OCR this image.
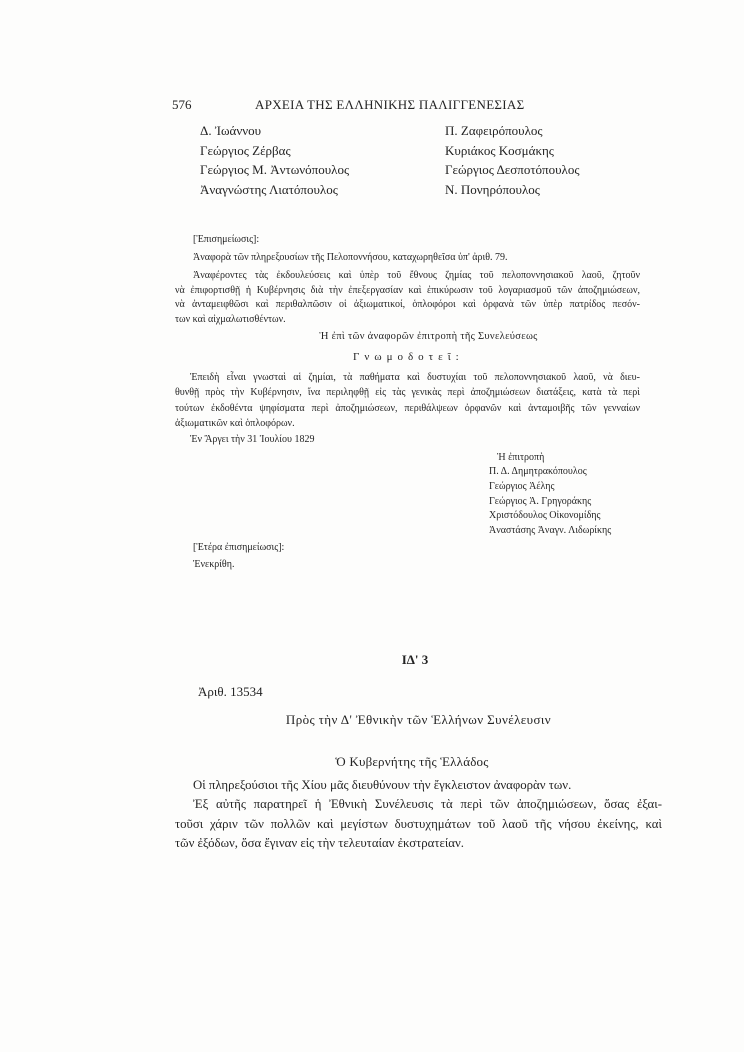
576	ΑΡΧΕΙΑ ΤΗΣ ΕΛΛΗΝΙΚΗΣ ΠΑΛΙΓΓΕΝΕΣΙΑΣ
Δ. Ἰωάννου
Γεώργιος Ζέρβας
Γεώργιος Μ. Ἀντωνόπουλος
Ἀναγνώστης Λιατόπουλος
Π. Ζαφειρόπουλος
Κυριάκος Κοσμάκης
Γεώργιος Δεσποτόπουλος
Ν. Πονηρόπουλος
[Ἐπισημείωσις]:
Ἀναφορὰ τῶν πληρεξουσίων τῆς Πελοποννήσου, καταχωρηθεῖσα ὑπ' ἀριθ. 79.
Ἀναφέροντες τὰς ἐκδουλεύσεις καὶ ὑπὲρ τοῦ ἔθνους ζημίας τοῦ πελοποννησιακοῦ λαοῦ, ζητοῦν
νὰ ἐπιφορτισθῇ ἡ Κυβέρνησις διὰ τὴν ἐπεξεργασίαν καὶ ἐπικύρωσιν τοῦ λογαριασμοῦ τῶν ἀποζημιώσεων,
νὰ ἀνταμειφθῶσι καὶ περιθαλπῶσιν οἱ ἀξιωματικοί, ὁπλοφόροι καὶ ὀρφανὰ τῶν ὑπὲρ πατρίδος πεσόν-
των καὶ αἰχμαλωτισθέντων.
Ἡ ἐπὶ τῶν ἀναφορῶν ἐπιτροπὴ τῆς Συνελεύσεως
Γνωμοδοτεῖ:
Ἐπειδὴ εἶναι γνωσταὶ αἱ ζημίαι, τὰ παθήματα καὶ δυστυχίαι τοῦ πελοποννησιακοῦ λαοῦ, νὰ διευ-
θυνθῇ πρὸς τὴν Κυβέρνησιν, ἵνα περιληφθῇ εἰς τὰς γενικὰς περὶ ἀποζημιώσεων διατάξεις, κατὰ τὰ περὶ
τούτων ἐκδοθέντα ψηφίσματα περὶ ἀποζημιώσεων, περιθάλψεων ὀρφανῶν καὶ ἀνταμοιβῆς τῶν γενναίων
ἀξιωματικῶν καὶ ὁπλοφόρων.
Ἐν Ἄργει τὴν 31 Ἰουλίου 1829
Ἡ ἐπιτροπὴ
Π. Δ. Δημητρακόπουλος
Γεώργιος Ἀέλης
Γεώργιος Ἀ. Γρηγοράκης
Χριστόδουλος Οἰκονομίδης
Ἀναστάσης Ἀναγν. Λιδωρίκης
[Ἑτέρα ἐπισημείωσις]:
Ἐνεκρίθη.
ΙΔ' 3
Ἀριθ. 13534
Πρὸς τὴν Δ' Ἐθνικὴν τῶν Ἑλλήνων Συνέλευσιν
Ὁ Κυβερνήτης τῆς Ἑλλάδος
Οἱ πληρεξούσιοι τῆς Χίου μᾶς διευθύνουν τὴν ἔγκλειστον ἀναφορὰν των.
Ἐξ αὐτῆς παρατηρεῖ ἡ Ἐθνικὴ Συνέλευσις τὰ περὶ τῶν ἀποζημιώσεων, ὅσας ἐξαι-
τοῦσι χάριν τῶν πολλῶν καὶ μεγίστων δυστυχημάτων τοῦ λαοῦ τῆς νήσου ἐκείνης, καὶ
τῶν ἐξόδων, ὅσα ἔγιναν εἰς τὴν τελευταίαν ἐκστρατείαν.
